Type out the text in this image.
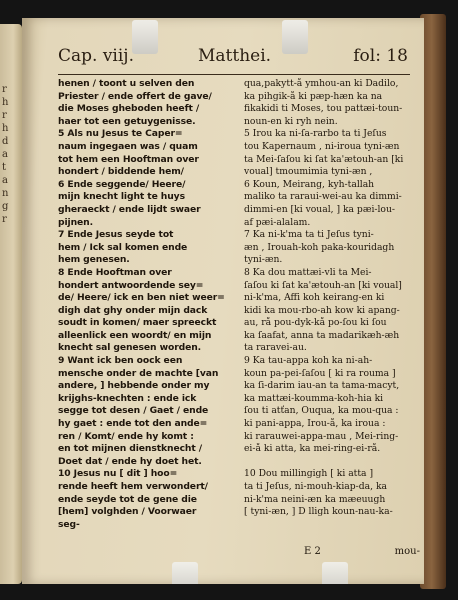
r
h
r
h
d
a
t
a
n
g
r
Cap. viij.	Matthei.	fol: 18
henen / toont u selven den
Priester / ende offert de gave/
die Moses gheboden heeft /
haer tot een getuygenisse.
5 Als nu Jesus te Caper=
naum ingegaen was / quam
tot hem een Hooftman over
hondert / biddende hem/
6 Ende seggende/ Heere/
mijn knecht light te huys
gheraeckt / ende lijdt swaer
pijnen.
7 Ende Jesus seyde tot
hem / Ick sal komen ende
hem genesen.
8 Ende Hooftman over
hondert antwoordende sey=
de/ Heere/ ick en ben niet weer=
digh dat ghy onder mijn dack
soudt in komen/ maer spreeckt
alleenlick een woordt/ en mijn
knecht sal genesen worden.
9 Want ick ben oock een
mensche onder de machte [van
andere, ] hebbende onder my
krijghs-knechten : ende ick
segge tot desen / Gaet / ende
hy gaet : ende tot den ande=
ren / Komt/ ende hy komt :
en tot mijnen dienstknecht /
Doet dat / ende hy doet het.
10 Jesus nu [ dit ] hoo=
rende heeft hem verwondert/
ende seyde tot de gene die
[hem] volghden / Voorwaer
seg-
qua,pakytt-å ymhou-an ki Dadilo,
ka pihgik-å ki pæp-hæn ka na
fikakidi ti Moses, tou pattæi-toun-
noun-en ki ryh nein.
5 Irou ka ni-ſa-rarbo ta ti Jeſus
tou Kapernaum , ni-iroua tyni-æn
ta Mei-ſaſou ki ſat ka'ætouh-an [ki
voual] tmoumimia tyni-æn ,
6 Koun, Meirang, kyh-tallah
maliko ta raraui-wei-au ka dimmi-
dimmi-en [ki voual, ] ka pæi-lou-
af pæi-alalam.
7 Ka ni-k'ma ta ti Jeſus tyni-
æn , Irouah-koh paka-kouridagh
tyni-æn.
8 Ka dou mattæi-vli ta Mei-
ſaſou ki ſat ka'ætouh-an [ki voual]
ni-k'ma, Affi koh keirang-en ki
kidi ka mou-rbo-ah kow ki apang-
au, rå pou-dyk-kå po-ſou ki ſou
ka ſaafat, anna ta madarikæh-æh
ta raravei-au.
9 Ka tau-appa koh ka ni-ah-
koun pa-pei-ſaſou [ ki ra rouma ]
ka ſi-darim iau-an ta tama-macyt,
ka mattæi-koumma-koh-hia ki
ſou ti atťan, Ouqua, ka mou-qua :
ki pani-appa, Irou-å, ka iroua :
ki rarauwei-appa-mau , Mei-ring-
ei-å ki atta, ka mei-ring-ei-rå.

10 Dou millingigh [ ki atta ]
ta ti Jeſus, ni-mouh-kiap-da, ka
ni-k'ma neini-æn ka mæeuugh
[ tyni-æn, ] D lligh koun-nau-ka-
E 2	mou-
